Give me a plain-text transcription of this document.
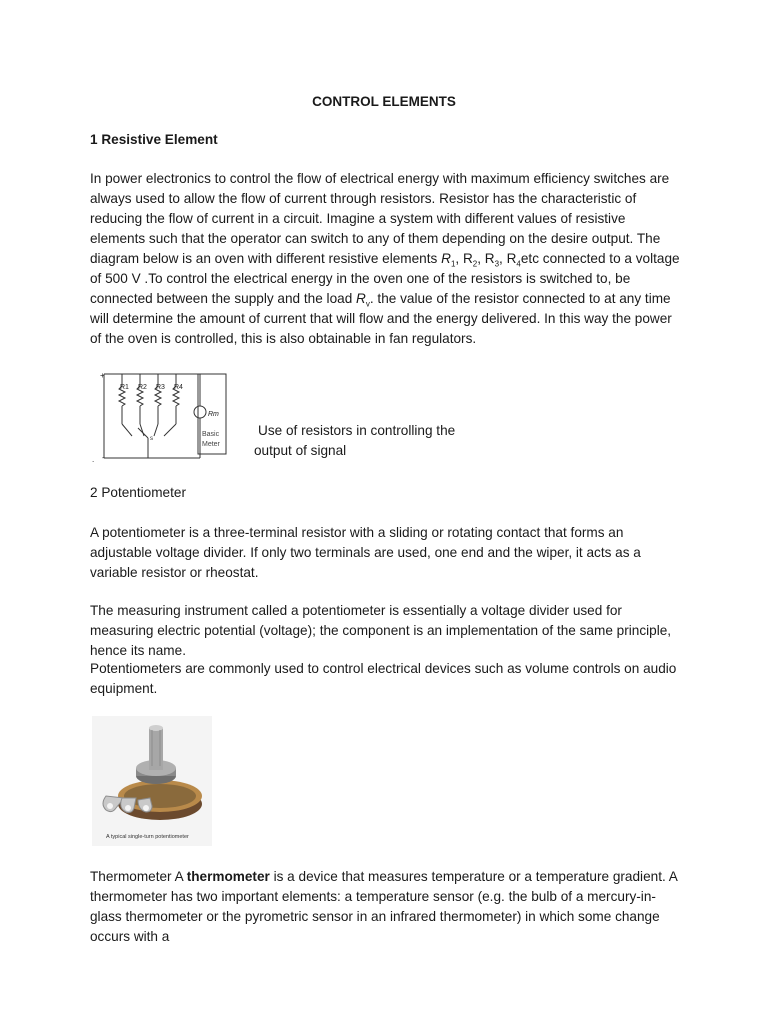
CONTROL ELEMENTS
1 Resistive Element
In power electronics to control the flow of electrical energy with maximum efficiency switches are always used to allow the flow of current through resistors. Resistor has the characteristic of reducing the flow of current in a circuit. Imagine a system with different values of resistive elements such that the operator can switch to any of them depending on the desire output. The diagram below is an oven with different resistive elements $R_1$, $R_2$, $R_3$, $R_4etc$ connected to a voltage of 500 V .To control the electrical energy in the oven one of the resistors is switched to, be connected between the supply and the load $R_v$. the value of the resistor connected to at any time will determine the amount of current that will flow and the energy delivered. In this way the power of the oven is controlled, this is also obtainable in fan regulators.
R1 R2 R3 R4
Rm
Basic
Meter
s
+
-
.
Use of resistors in controlling the
output of signal
2 Potentiometer
A potentiometer is a three-terminal resistor with a sliding or rotating contact that forms an adjustable voltage divider. If only two terminals are used, one end and the wiper, it acts as a variable resistor or rheostat.
The measuring instrument called a potentiometer is essentially a voltage divider used for measuring electric potential (voltage); the component is an implementation of the same principle, hence its name.
Potentiometers are commonly used to control electrical devices such as volume controls on audio equipment.
A typical single-turn potentiometer
Thermometer A thermometer is a device that measures temperature or a temperature gradient. A thermometer has two important elements: a temperature sensor (e.g. the bulb of a mercury-in-glass thermometer or the pyrometric sensor in an infrared thermometer) in which some change occurs with a
